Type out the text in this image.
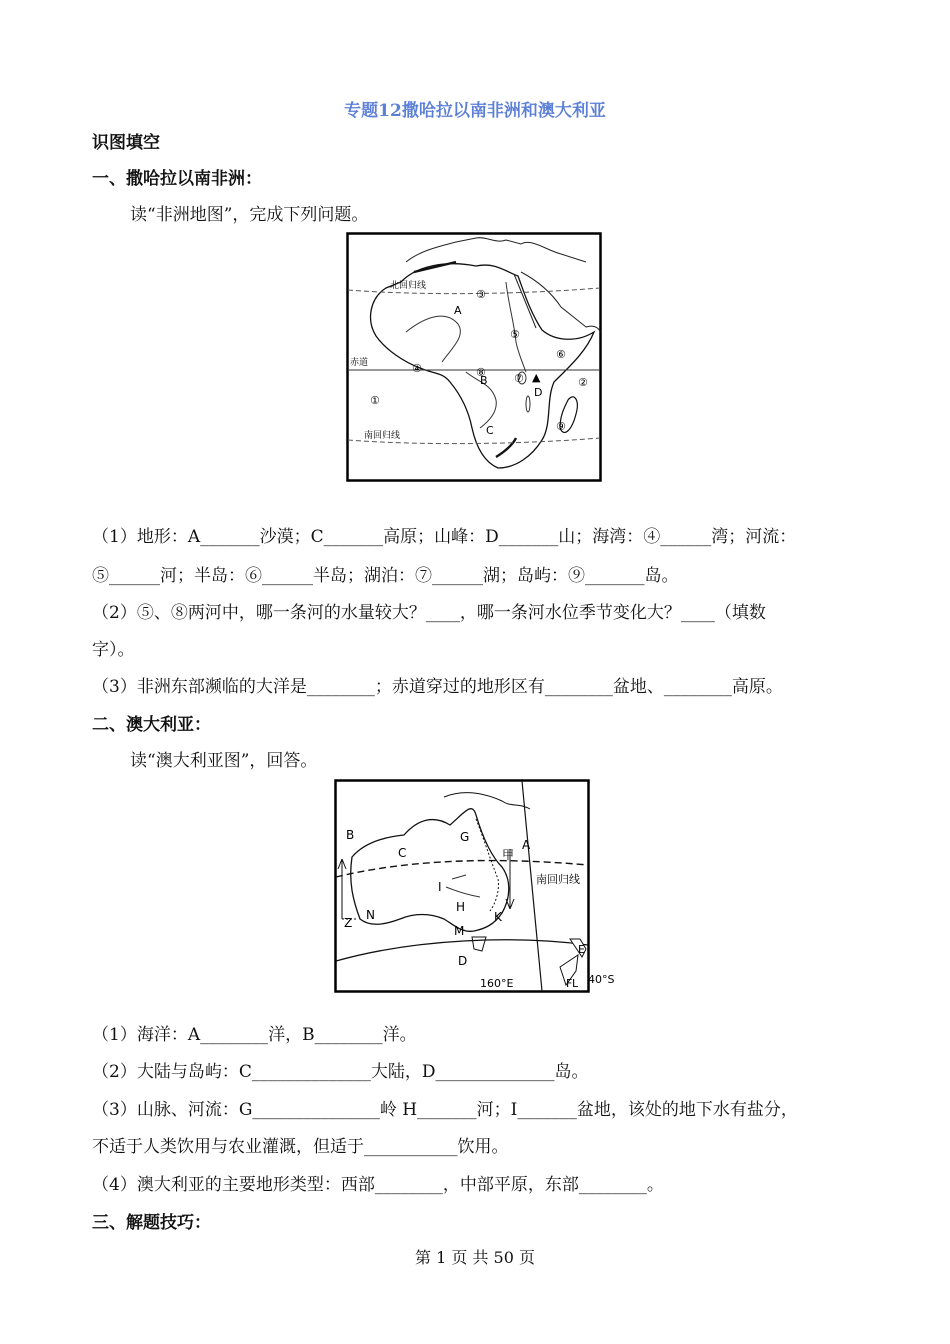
专题12撒哈拉以南非洲和澳大利亚
识图填空
一、撒哈拉以南非洲：
读“非洲地图”，完成下列问题。
北回归线
赤道
南回归线
A
B
C
D
▲
①
②
③
④
⑤
⑥
⑦
⑧
⑨
（1）地形：A_______沙漠；C_______高原；山峰：D_______山；海湾：④______湾；河流：
⑤______河；半岛：⑥______半岛；湖泊：⑦______湖；岛屿：⑨_______岛。
（2）⑤、⑧两河中，哪一条河的水量较大？____，哪一条河水位季节变化大？____（填数
字）。
（3）非洲东部濒临的大洋是________；赤道穿过的地形区有________盆地、________高原。
二、澳大利亚：
读“澳大利亚图”，回答。
A
B
C
D
E
F
G
H
I
K
L
M
N
Z
甲
南回归线
160°E	40°S
（1）海洋：A________洋，B________洋。
（2）大陆与岛屿：C______________大陆，D______________岛。
（3）山脉、河流：G_______________岭 H_______河；I_______盆地，该处的地下水有盐分，
不适于人类饮用与农业灌溉，但适于___________饮用。
（4）澳大利亚的主要地形类型：西部________，中部平原，东部________。
三、解题技巧：
第 1 页 共 50 页
